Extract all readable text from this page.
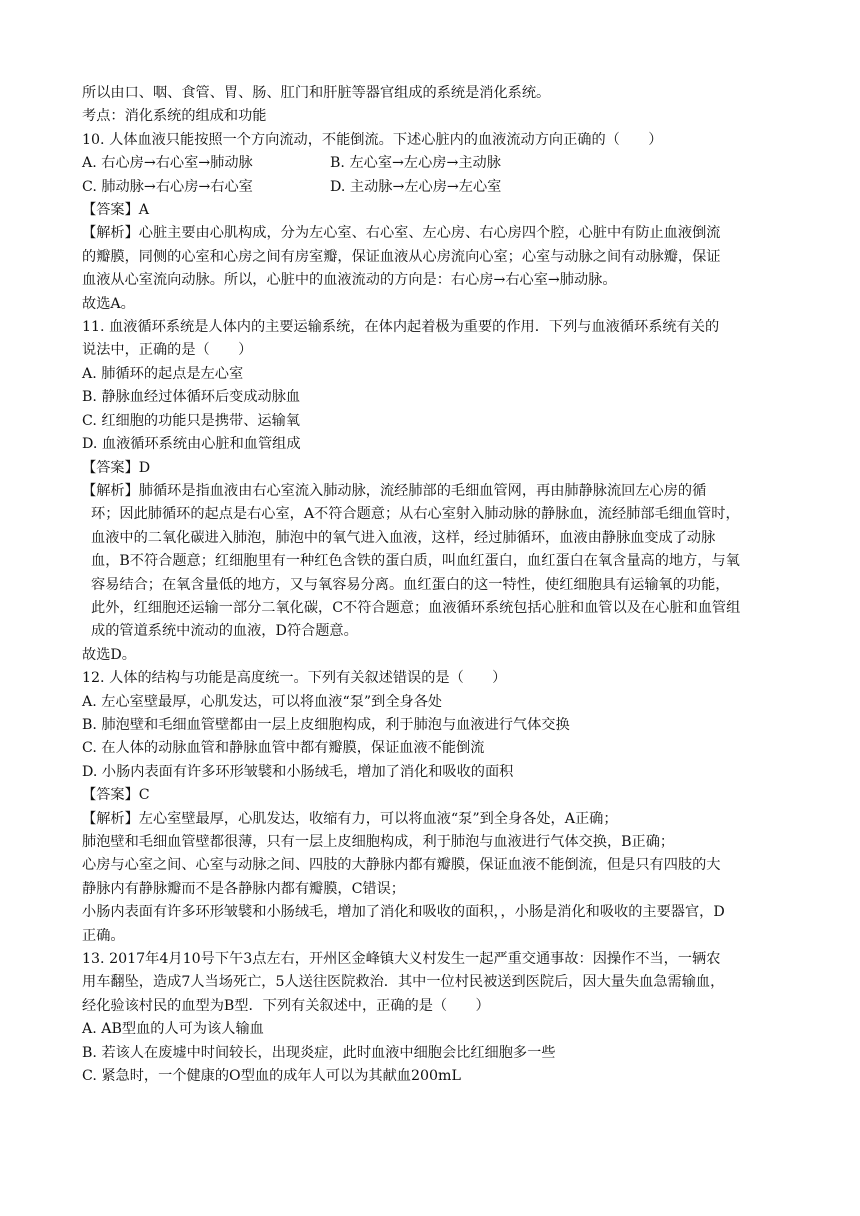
所以由口、咽、食管、胃、肠、肛门和肝脏等器官组成的系统是消化系统。
考点：消化系统的组成和功能
10. 人体血液只能按照一个方向流动，不能倒流。下述心脏内的血液流动方向正确的（　　）
A. 右心房→右心室→肺动脉	B. 左心室→左心房→主动脉
C. 肺动脉→右心房→右心室	D. 主动脉→左心房→左心室
【答案】A
【解析】心脏主要由心肌构成，分为左心室、右心室、左心房、右心房四个腔，心脏中有防止血液倒流
的瓣膜，同侧的心室和心房之间有房室瓣，保证血液从心房流向心室；心室与动脉之间有动脉瓣，保证
血液从心室流向动脉。所以，心脏中的血液流动的方向是：右心房→右心室→肺动脉。
故选A。
11. 血液循环系统是人体内的主要运输系统，在体内起着极为重要的作用．下列与血液循环系统有关的
说法中，正确的是（　　）
A. 肺循环的起点是左心室
B. 静脉血经过体循环后变成动脉血
C. 红细胞的功能只是携带、运输氧
D. 血液循环系统由心脏和血管组成
【答案】D
【解析】肺循环是指血液由右心室流入肺动脉，流经肺部的毛细血管网，再由肺静脉流回左心房的循
环；因此肺循环的起点是右心室，A不符合题意；从右心室射入肺动脉的静脉血，流经肺部毛细血管时，
血液中的二氧化碳进入肺泡，肺泡中的氧气进入血液，这样，经过肺循环，血液由静脉血变成了动脉
血，B不符合题意；红细胞里有一种红色含铁的蛋白质，叫血红蛋白，血红蛋白在氧含量高的地方，与氧
容易结合；在氧含量低的地方，又与氧容易分离。血红蛋白的这一特性，使红细胞具有运输氧的功能，
此外，红细胞还运输一部分二氧化碳，C不符合题意；血液循环系统包括心脏和血管以及在心脏和血管组
成的管道系统中流动的血液，D符合题意。
故选D。
12. 人体的结构与功能是高度统一。下列有关叙述错误的是（　　）
A. 左心室壁最厚，心肌发达，可以将血液“泵”到全身各处
B. 肺泡壁和毛细血管壁都由一层上皮细胞构成，利于肺泡与血液进行气体交换
C. 在人体的动脉血管和静脉血管中都有瓣膜，保证血液不能倒流
D. 小肠内表面有许多环形皱襞和小肠绒毛，增加了消化和吸收的面积
【答案】C
【解析】左心室壁最厚，心肌发达，收缩有力，可以将血液“泵”到全身各处，A正确；
肺泡壁和毛细血管壁都很薄，只有一层上皮细胞构成，利于肺泡与血液进行气体交换，B正确；
心房与心室之间、心室与动脉之间、四肢的大静脉内都有瓣膜，保证血液不能倒流，但是只有四肢的大
静脉内有静脉瓣而不是各静脉内都有瓣膜，C错误；
小肠内表面有许多环形皱襞和小肠绒毛，增加了消化和吸收的面积，，小肠是消化和吸收的主要器官，D
正确。
13. 2017年4月10号下午3点左右，开州区金峰镇大义村发生一起严重交通事故：因操作不当，一辆农
用车翻坠，造成7人当场死亡，5人送往医院救治．其中一位村民被送到医院后，因大量失血急需输血，
经化验该村民的血型为B型．下列有关叙述中，正确的是（　　）
A. AB型血的人可为该人输血
B. 若该人在废墟中时间较长，出现炎症，此时血液中细胞会比红细胞多一些
C. 紧急时，一个健康的O型血的成年人可以为其献血200mL
